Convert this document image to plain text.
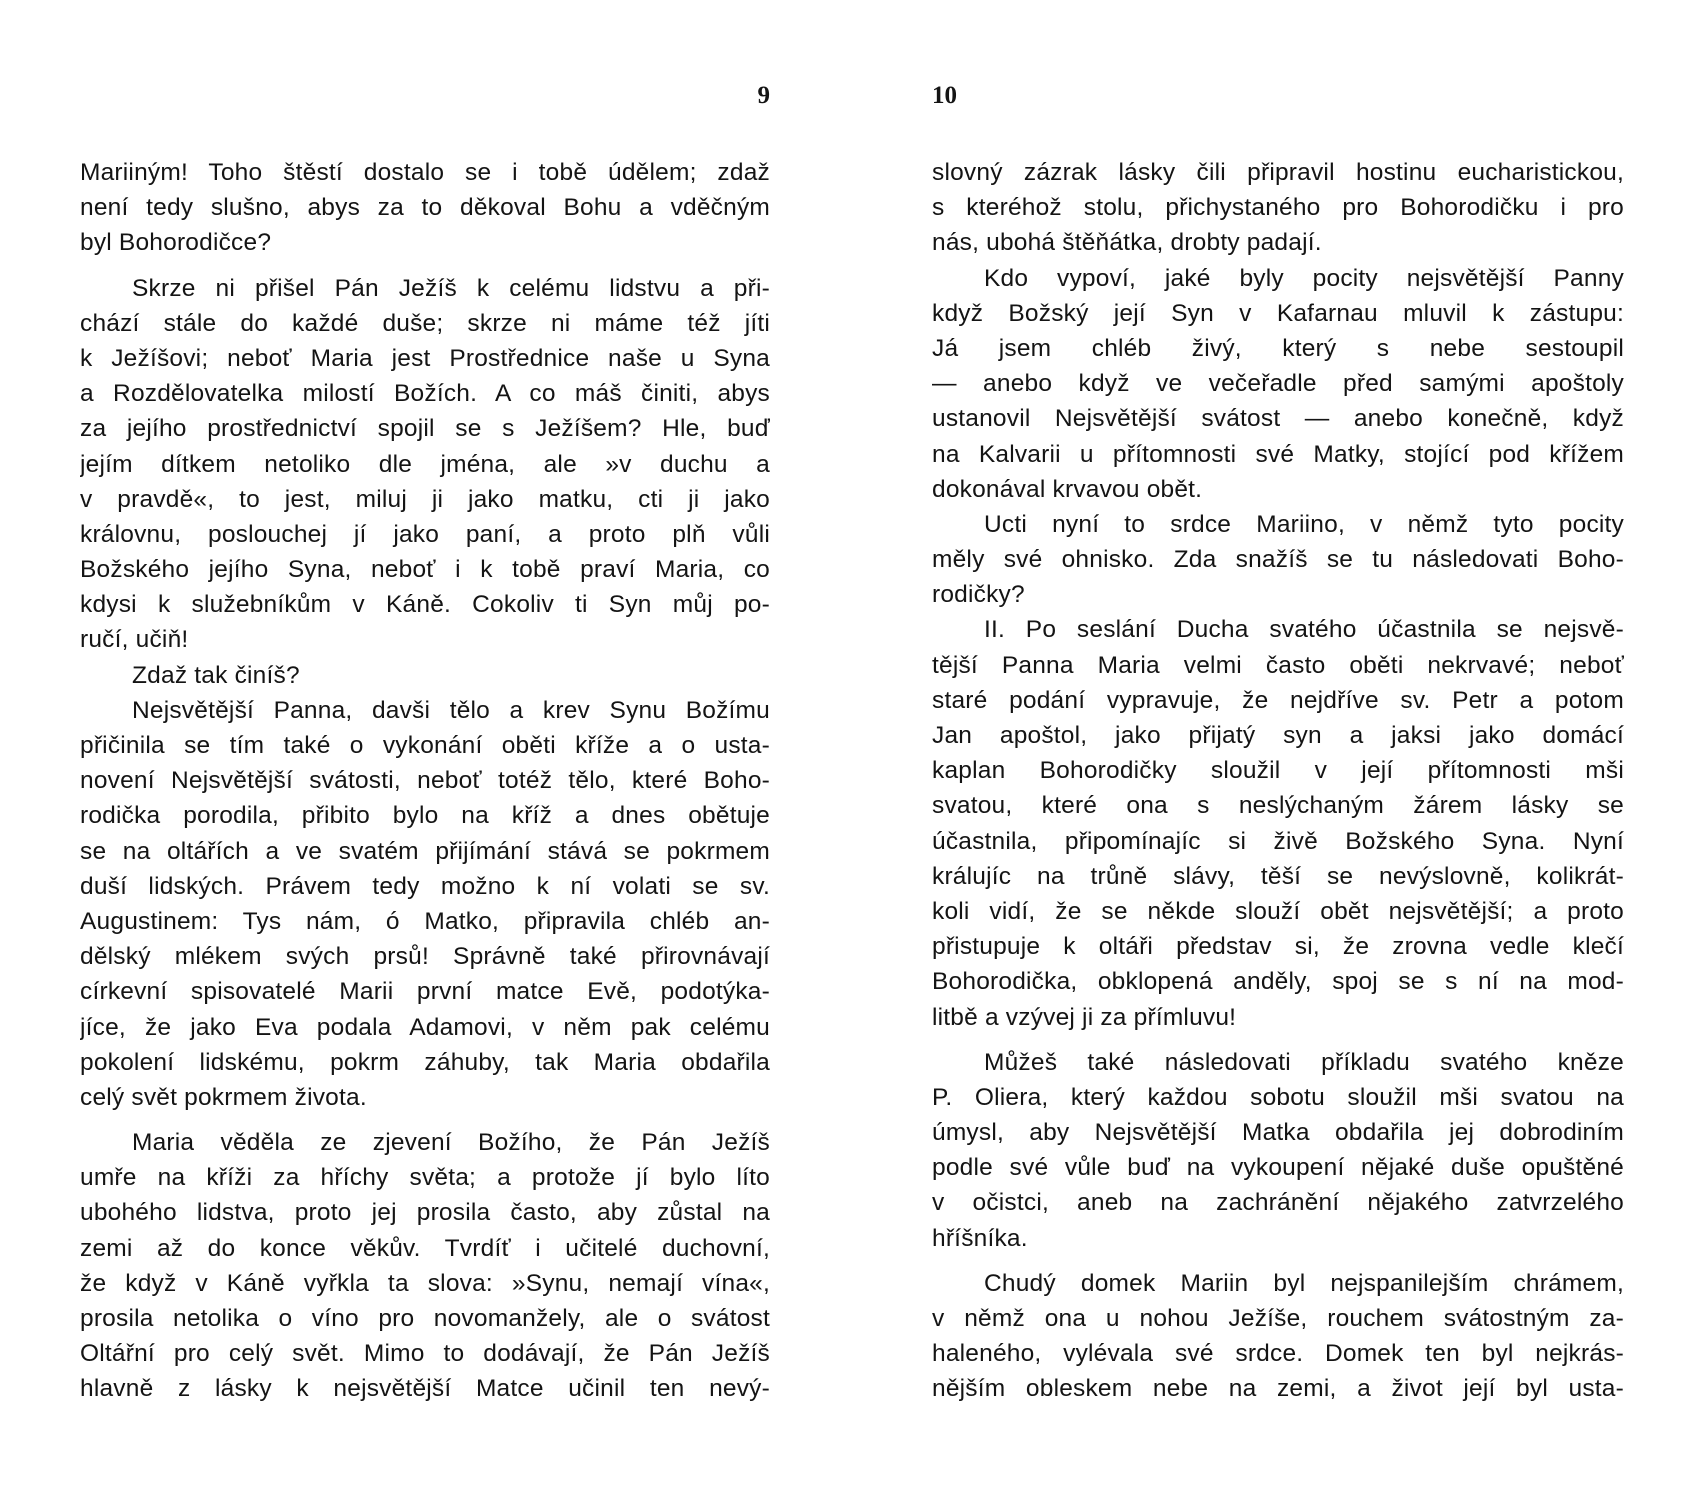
9
Mariiným! Toho štěstí dostalo se i tobě údělem; zdaž
není tedy slušno, abys za to děkoval Bohu a vděčným
byl Bohorodičce?
Skrze ni přišel Pán Ježíš k celému lidstvu a při-
chází stále do každé duše; skrze ni máme též jíti
k Ježíšovi; neboť Maria jest Prostřednice naše u Syna
a Rozdělovatelka milostí Božích. A co máš činiti, abys
za jejího prostřednictví spojil se s Ježíšem? Hle, buď
jejím dítkem netoliko dle jména, ale »v duchu a
v pravdě«, to jest, miluj ji jako matku, cti ji jako
královnu, poslouchej jí jako paní, a proto plň vůli
Božského jejího Syna, neboť i k tobě praví Maria, co
kdysi k služebníkům v Káně. Cokoliv ti Syn můj po-
ručí, učiň!
Zdaž tak činíš?
Nejsvětější Panna, davši tělo a krev Synu Božímu
přičinila se tím také o vykonání oběti kříže a o usta-
novení Nejsvětější svátosti, neboť totéž tělo, které Boho-
rodička porodila, přibito bylo na kříž a dnes obětuje
se na oltářích a ve svatém přijímání stává se pokrmem
duší lidských. Právem tedy možno k ní volati se sv.
Augustinem: Tys nám, ó Matko, připravila chléb an-
dělský mlékem svých prsů! Správně také přirovnávají
církevní spisovatelé Marii první matce Evě, podotýka-
jíce, že jako Eva podala Adamovi, v něm pak celému
pokolení lidskému, pokrm záhuby, tak Maria obdařila
celý svět pokrmem života.
Maria věděla ze zjevení Božího, že Pán Ježíš
umře na kříži za hříchy světa; a protože jí bylo líto
ubohého lidstva, proto jej prosila často, aby zůstal na
zemi až do konce věkův. Tvrdíť i učitelé duchovní,
že když v Káně vyřkla ta slova: »Synu, nemají vína«,
prosila netolika o víno pro novomanžely, ale o svátost
Oltářní pro celý svět. Mimo to dodávají, že Pán Ježíš
hlavně z lásky k nejsvětější Matce učinil ten nevý-
10
slovný zázrak lásky čili připravil hostinu eucharistickou,
s kteréhož stolu, přichystaného pro Bohorodičku i pro
nás, ubohá štěňátka, drobty padají.
Kdo vypoví, jaké byly pocity nejsvětější Panny
když Božský její Syn v Kafarnau mluvil k zástupu:
Já jsem chléb živý, který s nebe sestoupil
— anebo když ve večeřadle před samými apoštoly
ustanovil Nejsvětější svátost — anebo konečně, když
na Kalvarii u přítomnosti své Matky, stojící pod křížem
dokonával krvavou obět.
Ucti nyní to srdce Mariino, v němž tyto pocity
měly své ohnisko. Zda snažíš se tu následovati Boho-
rodičky?
II. Po seslání Ducha svatého účastnila se nejsvě-
tější Panna Maria velmi často oběti nekrvavé; neboť
staré podání vypravuje, že nejdříve sv. Petr a potom
Jan apoštol, jako přijatý syn a jaksi jako domácí
kaplan Bohorodičky sloužil v její přítomnosti mši
svatou, které ona s neslýchaným žárem lásky se
účastnila, připomínajíc si živě Božského Syna. Nyní
králujíc na trůně slávy, těší se nevýslovně, kolikrát-
koli vidí, že se někde slouží obět nejsvětější; a proto
přistupuje k oltáři představ si, že zrovna vedle klečí
Bohorodička, obklopená anděly, spoj se s ní na mod-
litbě a vzývej ji za přímluvu!
Můžeš také následovati příkladu svatého kněze
P. Oliera, který každou sobotu sloužil mši svatou na
úmysl, aby Nejsvětější Matka obdařila jej dobrodiním
podle své vůle buď na vykoupení nějaké duše opuštěné
v očistci, aneb na zachránění nějakého zatvrzelého
hříšníka.
Chudý domek Mariin byl nejspanilejším chrámem,
v němž ona u nohou Ježíše, rouchem svátostným za-
haleného, vylévala své srdce. Domek ten byl nejkrás-
nějším obleskem nebe na zemi, a život její byl usta-
